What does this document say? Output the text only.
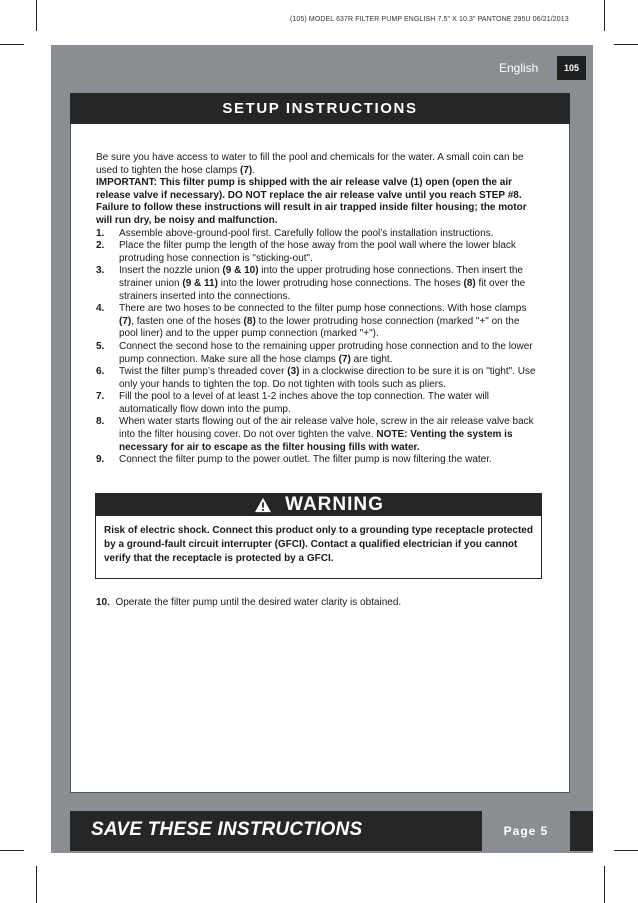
(105) MODEL 637R FILTER PUMP ENGLISH 7.5" X 10.3" PANTONE 295U 06/21/2013
English	105
SETUP INSTRUCTIONS

Be sure you have access to water to fill the pool and chemicals for the water. A small coin can be used to tighten the hose clamps (7).

IMPORTANT: This filter pump is shipped with the air release valve (1) open (open the air release valve if necessary). DO NOT replace the air release valve until you reach STEP #8. Failure to follow these instructions will result in air trapped inside filter housing; the motor will run dry, be noisy and malfunction.

1. Assemble above-ground-pool first. Carefully follow the pool’s installation instructions.
2. Place the filter pump the length of the hose away from the pool wall where the lower black protruding hose connection is "sticking-out".
3. Insert the nozzle union (9 & 10) into the upper protruding hose connections. Then insert the strainer union (9 & 11) into the lower protruding hose connections. The hoses (8) fit over the strainers inserted into the connections.
4. There are two hoses to be connected to the filter pump hose connections. With hose clamps (7), fasten one of the hoses (8) to the lower protruding hose connection (marked "+" on the pool liner) and to the upper pump connection (marked "+").
5. Connect the second hose to the remaining upper protruding hose connection and to the lower pump connection. Make sure all the hose clamps (7) are tight.
6. Twist the filter pump’s threaded cover (3) in a clockwise direction to be sure it is on "tight". Use only your hands to tighten the top. Do not tighten with tools such as pliers.
7. Fill the pool to a level of at least 1-2 inches above the top connection. The water will automatically flow down into the pump.
8. When water starts flowing out of the air release valve hole, screw in the air release valve back into the filter housing cover. Do not over tighten the valve. NOTE: Venting the system is necessary for air to escape as the filter housing fills with water.
9. Connect the filter pump to the power outlet. The filter pump is now filtering the water.
WARNING
Risk of electric shock. Connect this product only to a grounding type receptacle protected by a ground-fault circuit interrupter (GFCI). Contact a qualified electrician if you cannot verify that the receptacle is protected by a GFCI.
10. Operate the filter pump until the desired water clarity is obtained.
SAVE THESE INSTRUCTIONS	Page 5
